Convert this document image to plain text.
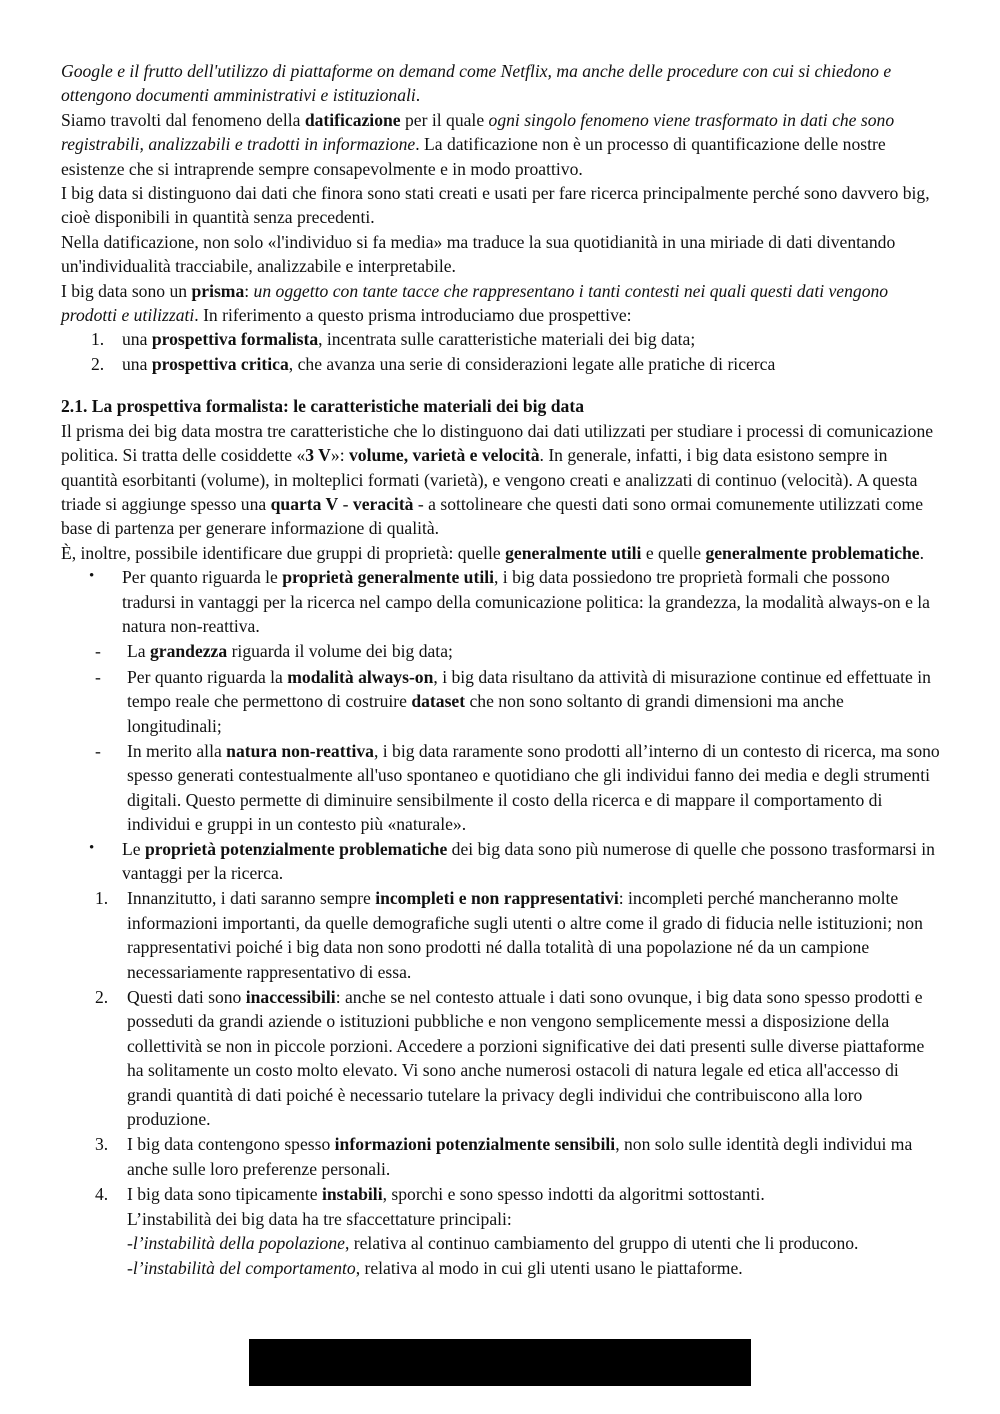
Google e il frutto dell'utilizzo di piattaforme on demand come Netflix, ma anche delle procedure con cui si chiedono e ottengono documenti amministrativi e istituzionali.

Siamo travolti dal fenomeno della datificazione per il quale ogni singolo fenomeno viene trasformato in dati che sono registrabili, analizzabili e tradotti in informazione. La datificazione non è un processo di quantificazione delle nostre esistenze che si intraprende sempre consapevolmente e in modo proattivo.

I big data si distinguono dai dati che finora sono stati creati e usati per fare ricerca principalmente perché sono davvero big, cioè disponibili in quantità senza precedenti.

Nella datificazione, non solo «l'individuo si fa media» ma traduce la sua quotidianità in una miriade di dati diventando un'individualità tracciabile, analizzabile e interpretabile.

I big data sono un prisma: un oggetto con tante tacce che rappresentano i tanti contesti nei quali questi dati vengono prodotti e utilizzati. In riferimento a questo prisma introduciamo due prospettive:

1. una prospettiva formalista, incentrata sulle caratteristiche materiali dei big data;
2. una prospettiva critica, che avanza una serie di considerazioni legate alle pratiche di ricerca
2.1. La prospettiva formalista: le caratteristiche materiali dei big data

Il prisma dei big data mostra tre caratteristiche che lo distinguono dai dati utilizzati per studiare i processi di comunicazione politica. Si tratta delle cosiddette «3 V»: volume, varietà e velocità. In generale, infatti, i big data esistono sempre in quantità esorbitanti (volume), in molteplici formati (varietà), e vengono creati e analizzati di continuo (velocità). A questa triade si aggiunge spesso una quarta V - veracità - a sottolineare che questi dati sono ormai comunemente utilizzati come base di partenza per generare informazione di qualità.

È, inoltre, possibile identificare due gruppi di proprietà: quelle generalmente utili e quelle generalmente problematiche.

• Per quanto riguarda le proprietà generalmente utili, i big data possiedono tre proprietà formali che possono tradursi in vantaggi per la ricerca nel campo della comunicazione politica: la grandezza, la modalità always-on e la natura non-reattiva.
- La grandezza riguarda il volume dei big data;
- Per quanto riguarda la modalità always-on, i big data risultano da attività di misurazione continue ed effettuate in tempo reale che permettono di costruire dataset che non sono soltanto di grandi dimensioni ma anche longitudinali;
- In merito alla natura non-reattiva, i big data raramente sono prodotti all’interno di un contesto di ricerca, ma sono spesso generati contestualmente all'uso spontaneo e quotidiano che gli individui fanno dei media e degli strumenti digitali. Questo permette di diminuire sensibilmente il costo della ricerca e di mappare il comportamento di individui e gruppi in un contesto più «naturale».
• Le proprietà potenzialmente problematiche dei big data sono più numerose di quelle che possono trasformarsi in vantaggi per la ricerca.
1. Innanzitutto, i dati saranno sempre incompleti e non rappresentativi: incompleti perché mancheranno molte informazioni importanti, da quelle demografiche sugli utenti o altre come il grado di fiducia nelle istituzioni; non rappresentativi poiché i big data non sono prodotti né dalla totalità di una popolazione né da un campione necessariamente rappresentativo di essa.
2. Questi dati sono inaccessibili: anche se nel contesto attuale i dati sono ovunque, i big data sono spesso prodotti e posseduti da grandi aziende o istituzioni pubbliche e non vengono semplicemente messi a disposizione della collettività se non in piccole porzioni. Accedere a porzioni significative dei dati presenti sulle diverse piattaforme ha solitamente un costo molto elevato. Vi sono anche numerosi ostacoli di natura legale ed etica all'accesso di grandi quantità di dati poiché è necessario tutelare la privacy degli individui che contribuiscono alla loro produzione.
3. I big data contengono spesso informazioni potenzialmente sensibili, non solo sulle identità degli individui ma anche sulle loro preferenze personali.
4. I big data sono tipicamente instabili, sporchi e sono spesso indotti da algoritmi sottostanti.
L’instabilità dei big data ha tre sfaccettature principali:
-l’instabilità della popolazione, relativa al continuo cambiamento del gruppo di utenti che li producono.
-l’instabilità del comportamento, relativa al modo in cui gli utenti usano le piattaforme.
